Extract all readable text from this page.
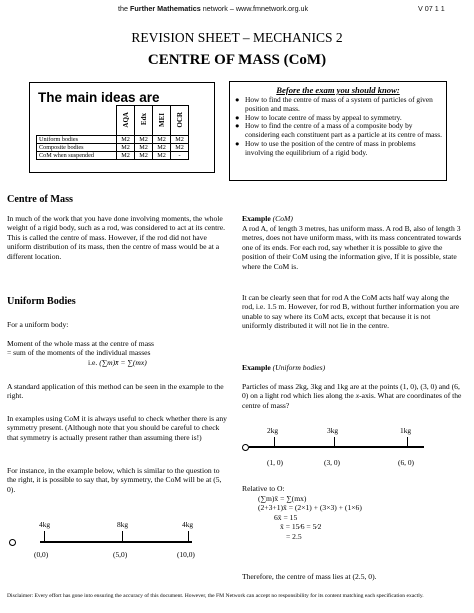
the Further Mathematics network – www.fmnetwork.org.uk	V 07 1 1
REVISION SHEET – MECHANICS 2
CENTRE OF MASS (CoM)
The main ideas are
	AQA	Edx	MEI	OCR
Uniform bodies	M2	M2	M2	M2
Composite bodies	M2	M2	M2	M2
CoM when suspended	M2	M2	M2	-
Before the exam you should know:
● How to find the centre of mass of a system of particles of given position and mass.
● How to locate centre of mass by appeal to symmetry.
● How to find the centre of a mass of a composite body by considering each constituent part as a particle at its centre of mass.
● How to use the position of the centre of mass in problems involving the equilibrium of a rigid body.
Centre of Mass
In much of the work that you have done involving moments, the whole weight of a rigid body, such as a rod, was considered to act at its centre. This is called the centre of mass. However, if the rod did not have uniform distribution of its mass, then the centre of mass would be at a different location.
Uniform Bodies
For a uniform body:
Moment of the whole mass at the centre of mass
= sum of the moments of the individual masses
i.e. (∑m)x̄ = ∑(mx)
A standard application of this method can be seen in the example to the right.
In examples using CoM it is always useful to check whether there is any symmetry present. (Although note that you should be careful to check that symmetry is actually present rather than assuming there is!)
For instance, in the example below, which is similar to the question to the right, it is possible to say that, by symmetry, the CoM will be at (5, 0).
4kg	8kg	4kg
(0,0)	(5,0)	(10,0)
Example (CoM)
A rod A, of length 3 metres, has uniform mass. A rod B, also of length 3 metres, does not have uniform mass, with its mass concentrated towards one of its ends. For each rod, say whether it is possible to give the position of their CoM using the information give, If it is possible, state where the CoM is.
It can be clearly seen that for rod A the CoM acts half way along the rod, i.e. 1.5 m. However, for rod B, without further information you are unable to say where its CoM acts, except that because it is not uniformly distributed it will not lie in the centre.
Example (Uniform bodies)
Particles of mass 2kg, 3kg and 1kg are at the points (1, 0), (3, 0) and (6, 0) on a light rod which lies along the x-axis. What are coordinates of the centre of mass?
2kg	3kg	1kg
(1, 0)	(3, 0)	(6, 0)
Relative to O:
(∑m)x̄ = ∑(mx)
(2+3+1)x̄ = (2×1) + (3×3) + (1×6)
6x̄ = 15
x̄ = 15⁄6 = 5⁄2
= 2.5
Therefore, the centre of mass lies at (2.5, 0).
Disclaimer: Every effort has gone into ensuring the accuracy of this document. However, the FM Network can accept no responsibility for its content matching each specification exactly.
